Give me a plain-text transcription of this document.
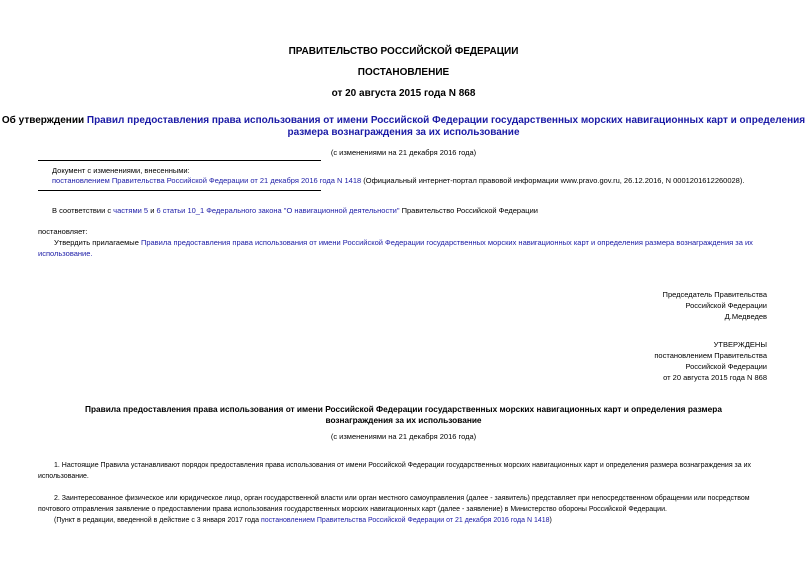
ПРАВИТЕЛЬСТВО РОССИЙСКОЙ ФЕДЕРАЦИИ
ПОСТАНОВЛЕНИЕ
от 20 августа 2015 года N 868
Об утверждении Правил предоставления права использования от имени Российской Федерации государственных морских навигационных карт и определения
размера вознаграждения за их использование
(с изменениями на 21 декабря 2016 года)
Документ с изменениями, внесенными:
постановлением Правительства Российской Федерации от 21 декабря 2016 года N 1418 (Официальный интернет-портал правовой информации www.pravo.gov.ru, 26.12.2016, N 0001201612260028).
В соответствии с частями 5 и 6 статьи 10_1 Федерального закона "О навигационной деятельности" Правительство Российской Федерации
постановляет:
Утвердить прилагаемые Правила предоставления права использования от имени Российской Федерации государственных морских навигационных карт и определения размера вознаграждения за их
использование.
Председатель Правительства
Российской Федерации
Д.Медведев
УТВЕРЖДЕНЫ
постановлением Правительства
Российской Федерации
от 20 августа 2015 года N 868
Правила предоставления права использования от имени Российской Федерации государственных морских навигационных карт и определения размера
вознаграждения за их использование
(с изменениями на 21 декабря 2016 года)
1. Настоящие Правила устанавливают порядок предоставления права использования от имени Российской Федерации государственных морских навигационных карт и определения размера вознаграждения за их
использование.
2. Заинтересованное физическое или юридическое лицо, орган государственной власти или орган местного самоуправления (далее - заявитель) представляет при непосредственном обращении или посредством
почтового отправления заявление о предоставлении права использования государственных морских навигационных карт (далее - заявление) в Министерство обороны Российской Федерации.
(Пункт в редакции, введенной в действие с 3 января 2017 года постановлением Правительства Российской Федерации от 21 декабря 2016 года N 1418)
